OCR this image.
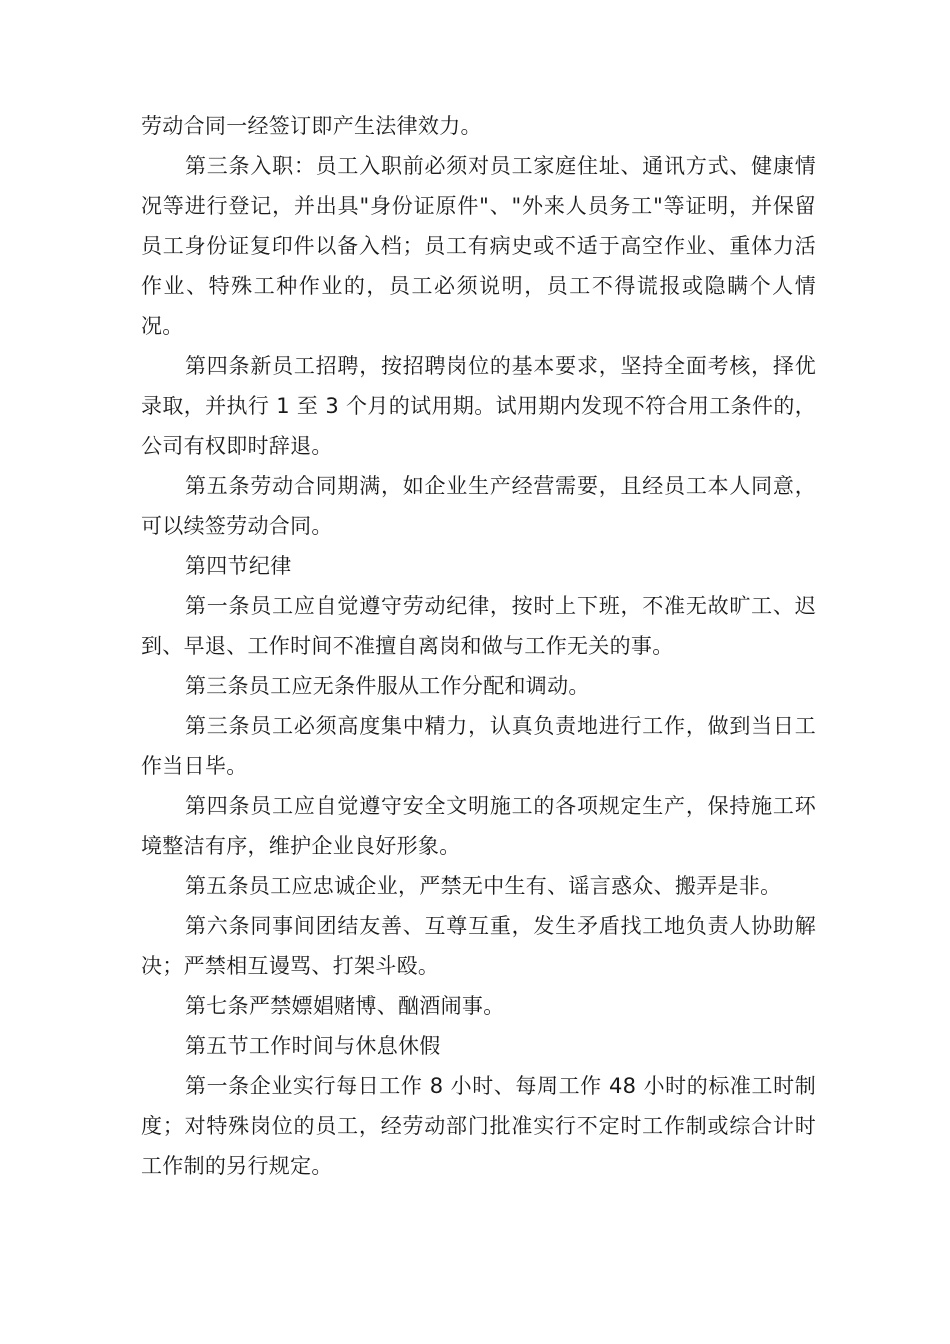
劳动合同一经签订即产生法律效力。

第三条入职：员工入职前必须对员工家庭住址、通讯方式、健康情况等进行登记，并出具"身份证原件"、"外来人员务工"等证明，并保留员工身份证复印件以备入档；员工有病史或不适于高空作业、重体力活作业、特殊工种作业的，员工必须说明，员工不得谎报或隐瞒个人情况。

第四条新员工招聘，按招聘岗位的基本要求，坚持全面考核，择优录取，并执行 1 至 3 个月的试用期。试用期内发现不符合用工条件的，公司有权即时辞退。

第五条劳动合同期满，如企业生产经营需要，且经员工本人同意，可以续签劳动合同。

第四节纪律

第一条员工应自觉遵守劳动纪律，按时上下班，不准无故旷工、迟到、早退、工作时间不准擅自离岗和做与工作无关的事。

第三条员工应无条件服从工作分配和调动。

第三条员工必须高度集中精力，认真负责地进行工作，做到当日工作当日毕。

第四条员工应自觉遵守安全文明施工的各项规定生产，保持施工环境整洁有序，维护企业良好形象。

第五条员工应忠诚企业，严禁无中生有、谣言惑众、搬弄是非。

第六条同事间团结友善、互尊互重，发生矛盾找工地负责人协助解决；严禁相互谩骂、打架斗殴。

第七条严禁嫖娼赌博、酗酒闹事。

第五节工作时间与休息休假

第一条企业实行每日工作 8 小时、每周工作 48 小时的标准工时制度；对特殊岗位的员工，经劳动部门批准实行不定时工作制或综合计时工作制的另行规定。
